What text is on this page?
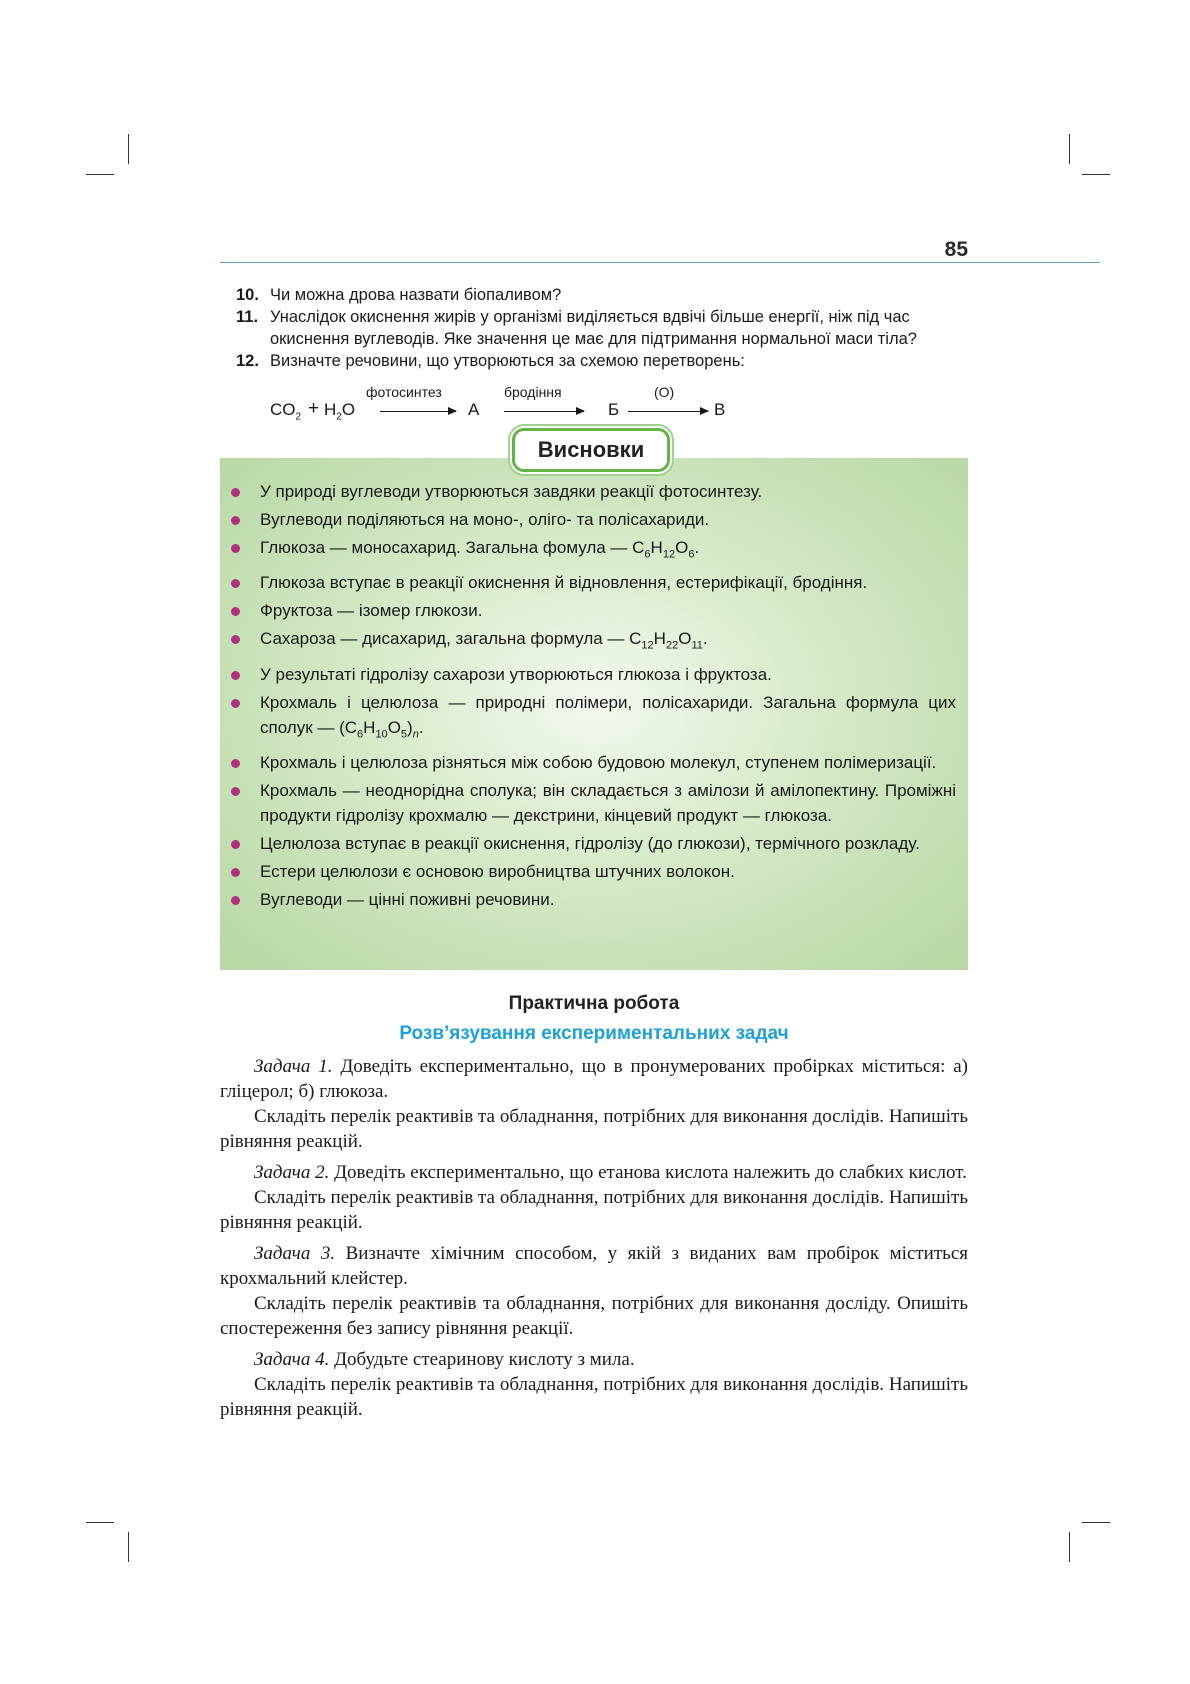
85
10. Чи можна дрова назвати біопаливом?
11. Унаслідок окиснення жирів у організмі виділяється вдвічі більше енергії, ніж під час окиснення вуглеводів. Яке значення це має для підтримання нормальної маси тіла?
12. Визначте речовини, що утворюються за схемою перетворень:
$CO_2 + H_2O$
фотосинтез
А
бродіння
Б
(O)
В
Висновки
У природі вуглеводи утворюються завдяки реакції фотосинтезу.
Вуглеводи поділяються на моно-, оліго- та полісахариди.
Глюкоза — моносахарид. Загальна фомула — $C_6H_{12}O_6$.
Глюкоза вступає в реакції окиснення й відновлення, естерифікації, бродіння.
Фруктоза — ізомер глюкози.
Сахароза — дисахарид, загальна формула — $C_{12}H_{22}O_{11}$.
У результаті гідролізу сахарози утворюються глюкоза і фруктоза.
Крохмаль і целюлоза — природні полімери, полісахариди. Загальна формула цих сполук — $(C_6H_{10}O_5)_n$.
Крохмаль і целюлоза різняться між собою будовою молекул, ступенем полімеризації.
Крохмаль — неоднорідна сполука; він складається з амілози й амілопектину. Проміжні продукти гідролізу крохмалю — декстрини, кінцевий продукт — глюкоза.
Целюлоза вступає в реакції окиснення, гідролізу (до глюкози), термічного розкладу.
Естери целюлози є основою виробництва штучних волокон.
Вуглеводи — цінні поживні речовини.
Практична робота
Розв’язування експериментальних задач

Задача 1. Доведіть експериментально, що в пронумерованих пробірках міститься: а) гліцерол; б) глюкоза.

Складіть перелік реактивів та обладнання, потрібних для виконання дослідів. Напишіть рівняння реакцій.

Задача 2. Доведіть експериментально, що етанова кислота належить до слабких кислот.

Складіть перелік реактивів та обладнання, потрібних для виконання дослідів. Напишіть рівняння реакцій.

Задача 3. Визначте хімічним способом, у якій з виданих вам пробірок міститься крохмальний клейстер.

Складіть перелік реактивів та обладнання, потрібних для виконання досліду. Опишіть спостереження без запису рівняння реакції.

Задача 4. Добудьте стеаринову кислоту з мила.

Складіть перелік реактивів та обладнання, потрібних для виконання дослідів. Напишіть рівняння реакцій.
